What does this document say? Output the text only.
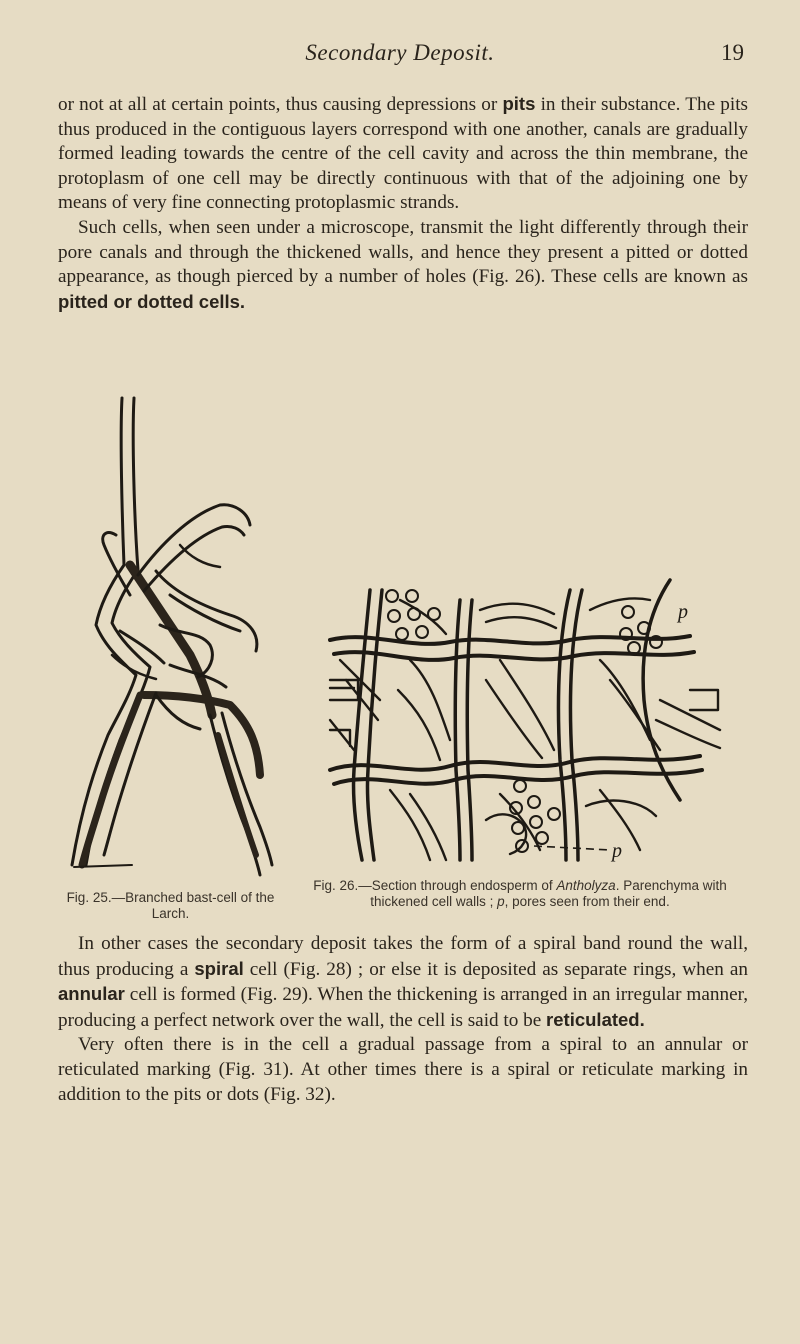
Secondary Deposit.	19

or not at all at certain points, thus causing depressions or pits in their substance. The pits thus produced in the contiguous layers correspond with one another, canals are gradually formed leading towards the centre of the cell cavity and across the thin membrane, the protoplasm of one cell may be directly continuous with that of the adjoining one by means of very fine connecting protoplasmic strands.

Such cells, when seen under a microscope, transmit the light differently through their pore canals and through the thickened walls, and hence they present a pitted or dotted appearance, as though pierced by a number of holes (Fig. 26). These cells are known as pitted or dotted cells.

Fig. 25.—Branched bast-cell of the Larch.
p
p
Fig. 26.—Section through endosperm of Antholyza. Parenchyma with thickened cell walls ; p, pores seen from their end.

In other cases the secondary deposit takes the form of a spiral band round the wall, thus producing a spiral cell (Fig. 28) ; or else it is deposited as separate rings, when an annular cell is formed (Fig. 29). When the thickening is arranged in an irregular manner, producing a perfect network over the wall, the cell is said to be reticulated.

Very often there is in the cell a gradual passage from a spiral to an annular or reticulated marking (Fig. 31). At other times there is a spiral or reticulate marking in addition to the pits or dots (Fig. 32).
